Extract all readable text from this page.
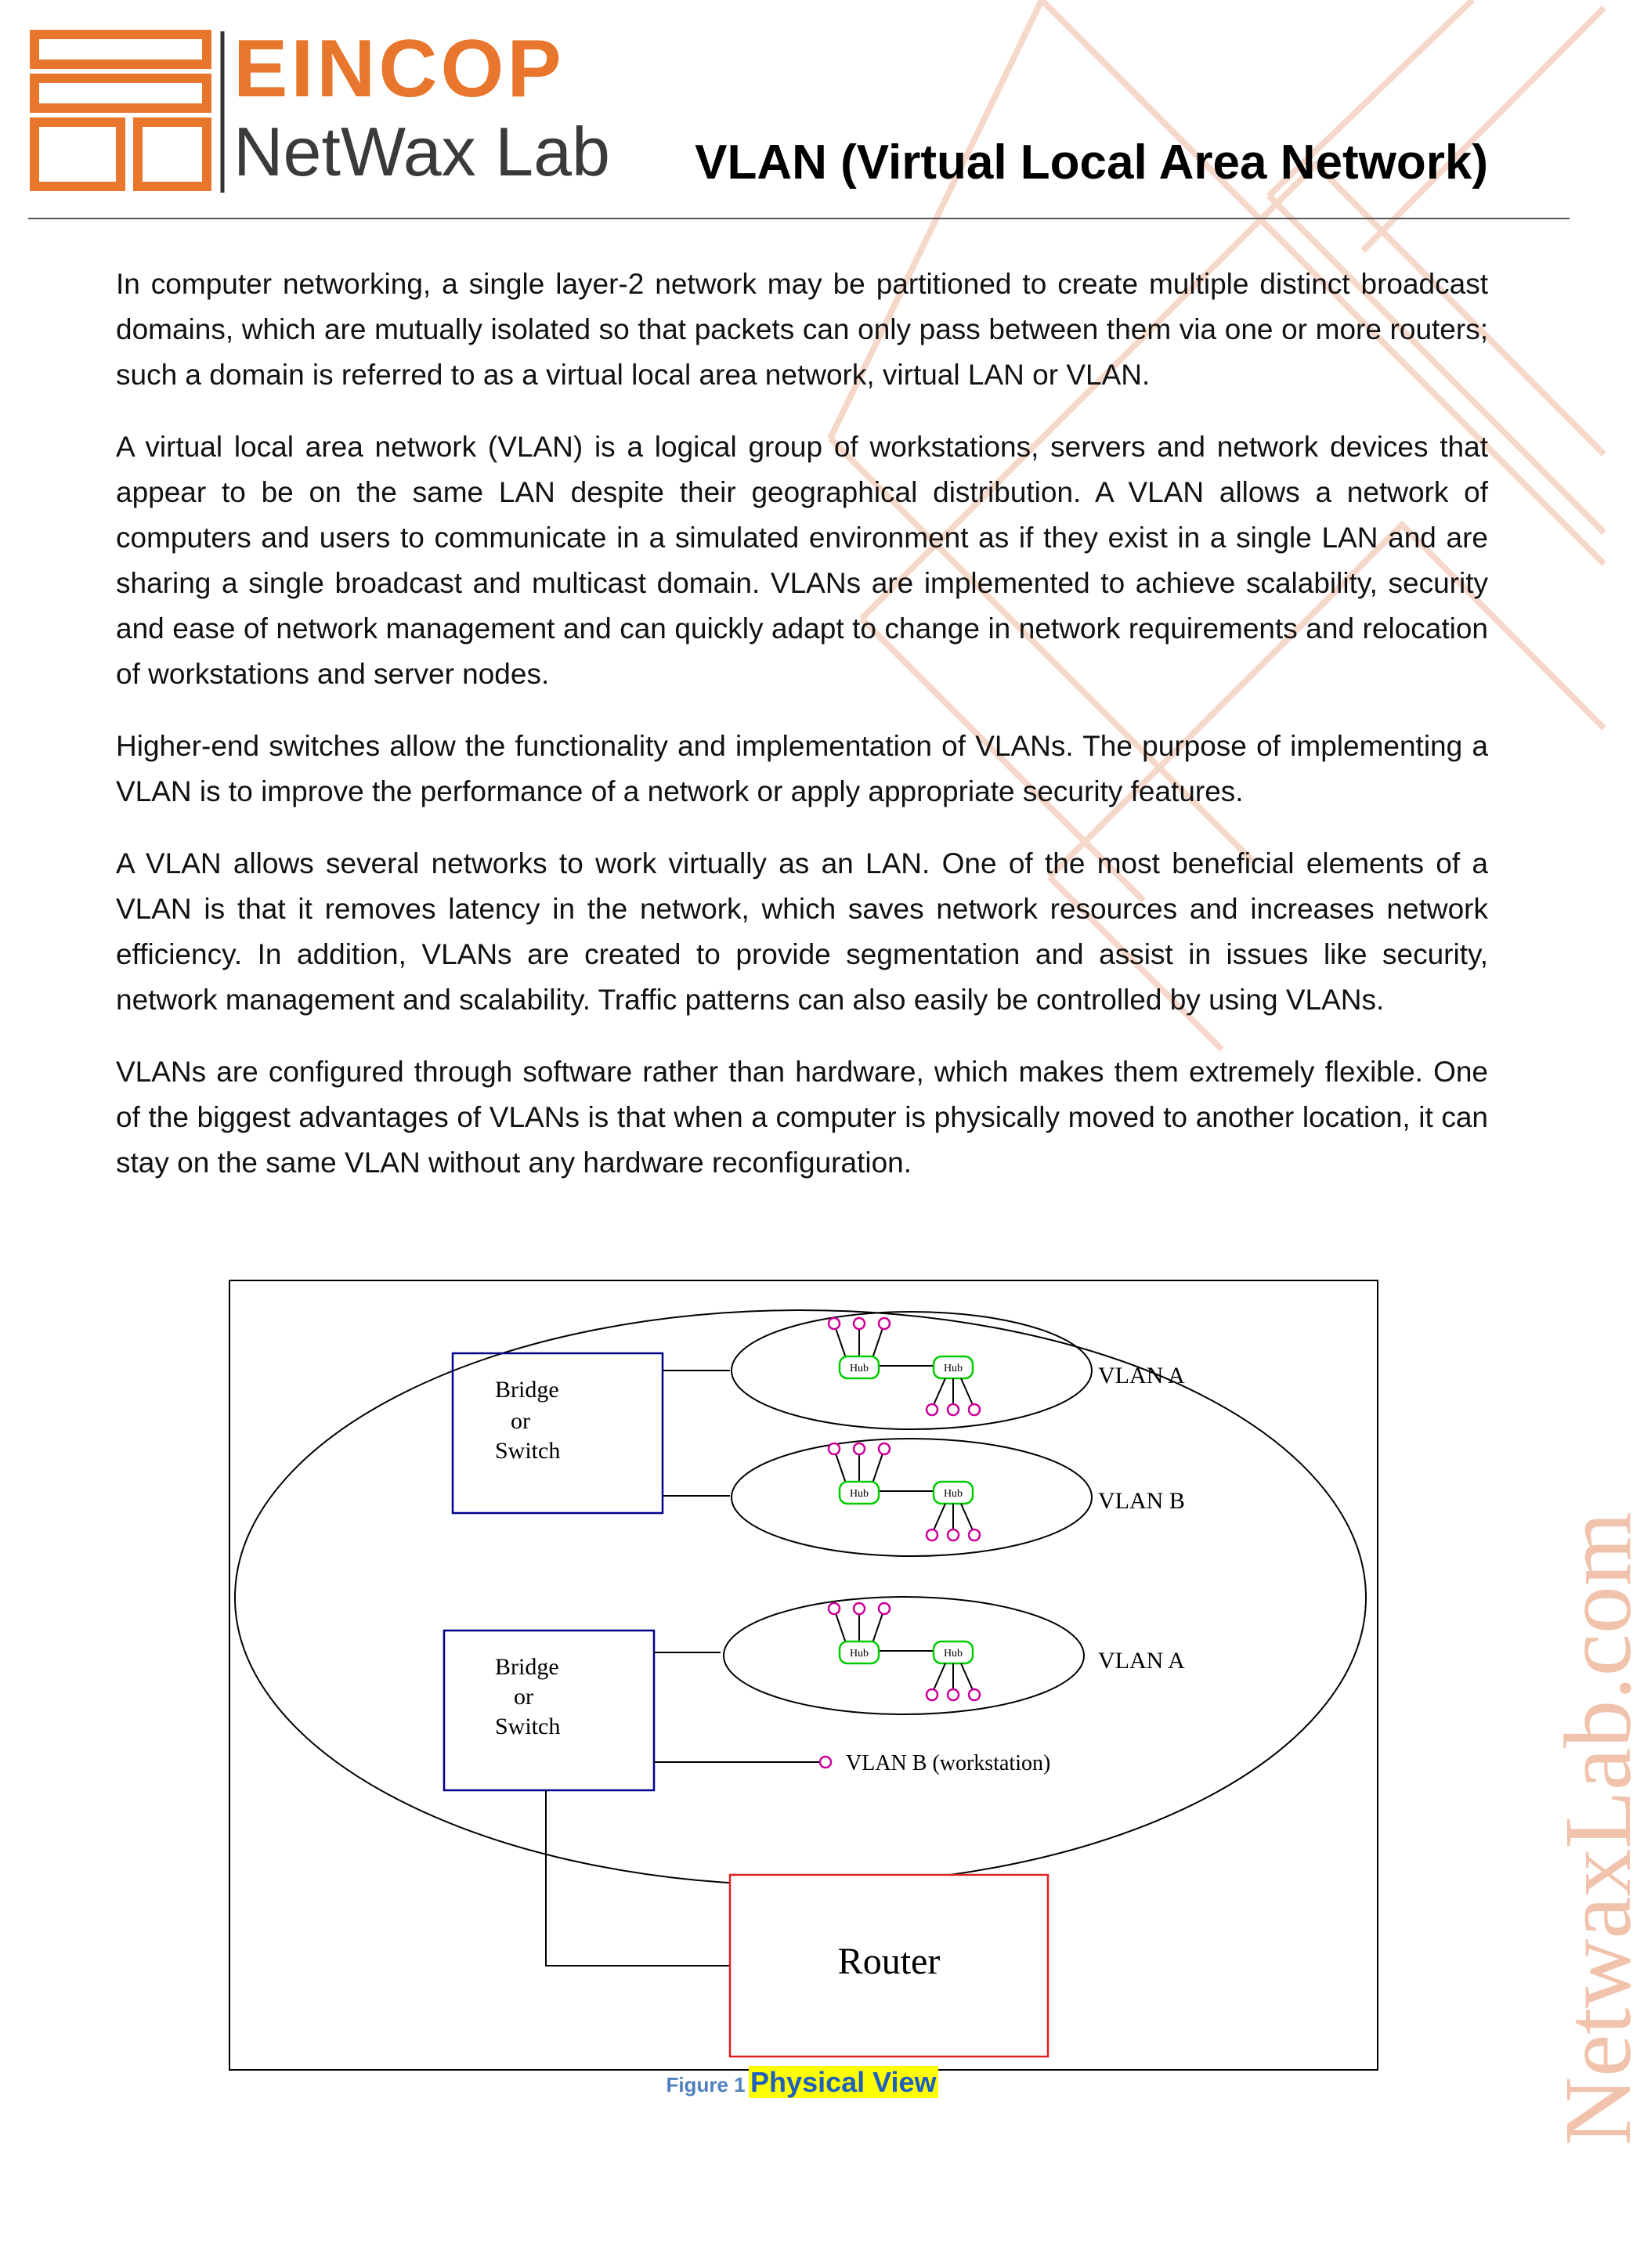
EINCOP
NetWax Lab	VLAN (Virtual Local Area Network)

In computer networking, a single layer-2 network may be partitioned to create multiple distinct broadcast domains, which are mutually isolated so that packets can only pass between them via one or more routers; such a domain is referred to as a virtual local area network, virtual LAN or VLAN.

A virtual local area network (VLAN) is a logical group of workstations, servers and network devices that appear to be on the same LAN despite their geographical distribution. A VLAN allows a network of computers and users to communicate in a simulated environment as if they exist in a single LAN and are sharing a single broadcast and multicast domain. VLANs are implemented to achieve scalability, security and ease of network management and can quickly adapt to change in network requirements and relocation of workstations and server nodes.

Higher-end switches allow the functionality and implementation of VLANs. The purpose of implementing a VLAN is to improve the performance of a network or apply appropriate security features.

A VLAN allows several networks to work virtually as an LAN. One of the most beneficial elements of a VLAN is that it removes latency in the network, which saves network resources and increases network efficiency. In addition, VLANs are created to provide segmentation and assist in issues like security, network management and scalability. Traffic patterns can also easily be controlled by using VLANs.

VLANs are configured through software rather than hardware, which makes them extremely flexible. One of the biggest advantages of VLANs is that when a computer is physically moved to another location, it can stay on the same VLAN without any hardware reconfiguration.

Bridge or Switch
Bridge or Switch
Hub	Hub	VLAN A
Hub	Hub	VLAN B
Hub	Hub	VLAN A
VLAN B (workstation)
Router
Figure 1 Physical View	NetwaxLab.com
